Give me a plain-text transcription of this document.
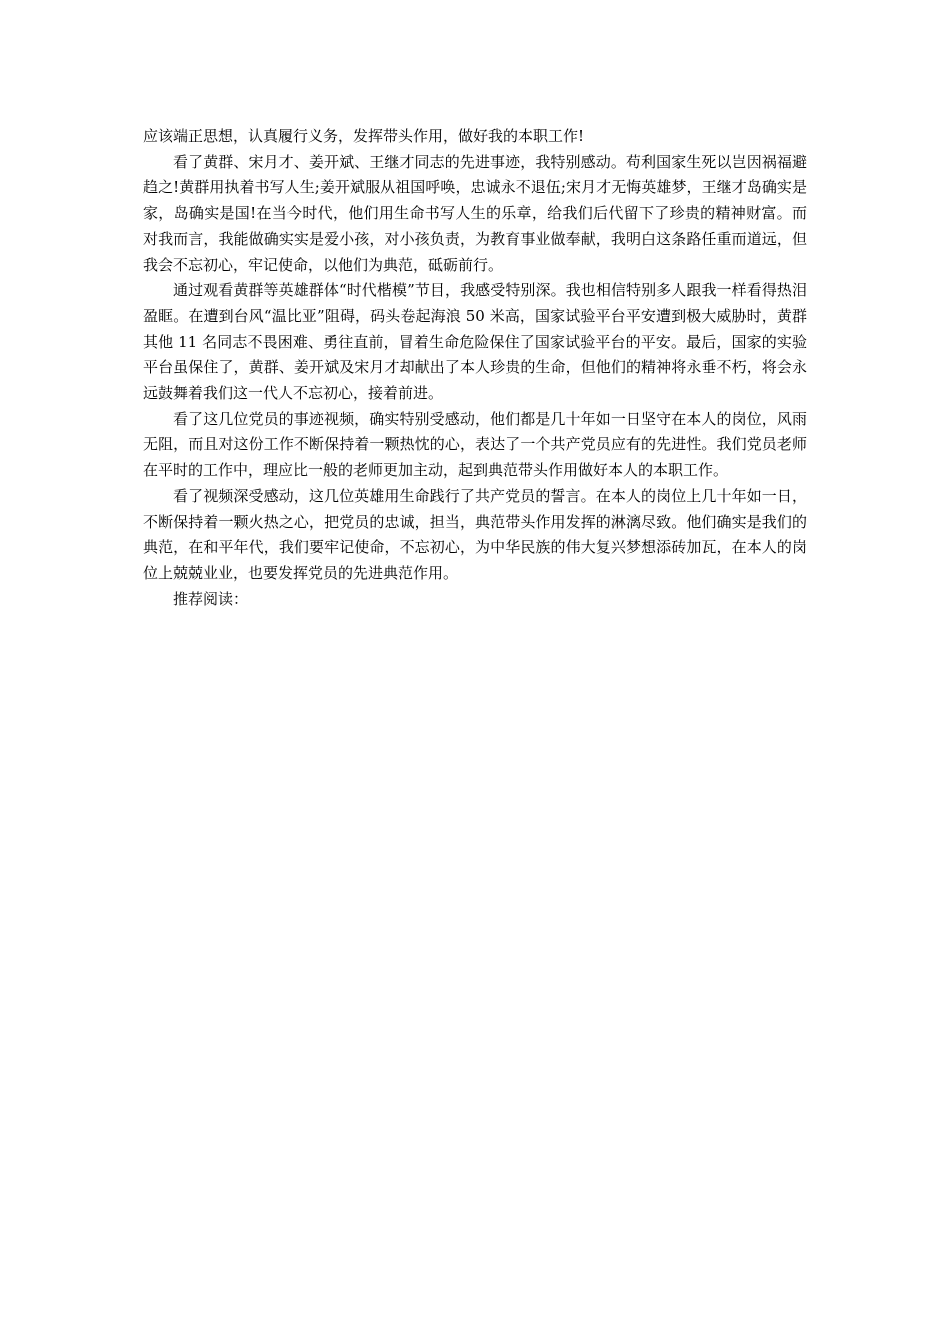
应该端正思想，认真履行义务，发挥带头作用，做好我的本职工作!

看了黄群、宋月才、姜开斌、王继才同志的先进事迹，我特别感动。苟利国家生死以岂因祸福避趋之!黄群用执着书写人生;姜开斌服从祖国呼唤，忠诚永不退伍;宋月才无悔英雄梦，王继才岛确实是家，岛确实是国!在当今时代，他们用生命书写人生的乐章，给我们后代留下了珍贵的精神财富。而对我而言，我能做确实实是爱小孩，对小孩负责，为教育事业做奉献，我明白这条路任重而道远，但我会不忘初心，牢记使命，以他们为典范，砥砺前行。

通过观看黄群等英雄群体“时代楷模”节目，我感受特别深。我也相信特别多人跟我一样看得热泪盈眶。在遭到台风“温比亚”阻碍，码头卷起海浪 50 米高，国家试验平台平安遭到极大威胁时，黄群其他 11 名同志不畏困难、勇往直前，冒着生命危险保住了国家试验平台的平安。最后，国家的实验平台虽保住了，黄群、姜开斌及宋月才却献出了本人珍贵的生命，但他们的精神将永垂不朽，将会永远鼓舞着我们这一代人不忘初心，接着前进。

看了这几位党员的事迹视频，确实特别受感动，他们都是几十年如一日坚守在本人的岗位，风雨无阻，而且对这份工作不断保持着一颗热忱的心，表达了一个共产党员应有的先进性。我们党员老师在平时的工作中，理应比一般的老师更加主动，起到典范带头作用做好本人的本职工作。

看了视频深受感动，这几位英雄用生命践行了共产党员的誓言。在本人的岗位上几十年如一日，不断保持着一颗火热之心，把党员的忠诚，担当，典范带头作用发挥的淋漓尽致。他们确实是我们的典范，在和平年代，我们要牢记使命，不忘初心，为中华民族的伟大复兴梦想添砖加瓦，在本人的岗位上兢兢业业，也要发挥党员的先进典范作用。

推荐阅读：
